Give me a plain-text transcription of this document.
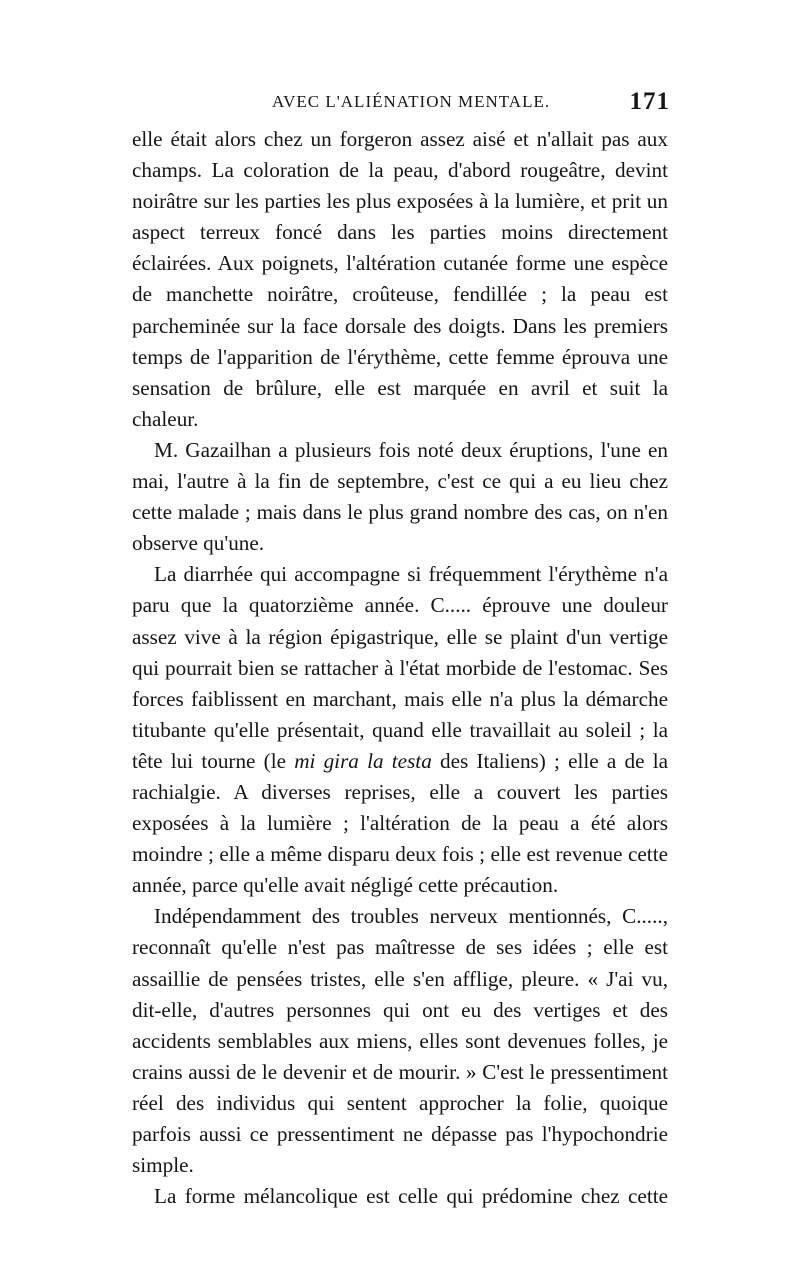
AVEC L'ALIÉNATION MENTALE.	171

elle était alors chez un forgeron assez aisé et n'allait pas aux champs. La coloration de la peau, d'abord rougeâtre, devint noirâtre sur les parties les plus exposées à la lumière, et prit un aspect terreux foncé dans les parties moins directement éclairées. Aux poignets, l'altération cutanée forme une espèce de manchette noirâtre, croûteuse, fendillée ; la peau est parcheminée sur la face dorsale des doigts. Dans les premiers temps de l'apparition de l'érythème, cette femme éprouva une sensation de brûlure, elle est marquée en avril et suit la chaleur.

M. Gazailhan a plusieurs fois noté deux éruptions, l'une en mai, l'autre à la fin de septembre, c'est ce qui a eu lieu chez cette malade ; mais dans le plus grand nombre des cas, on n'en observe qu'une.

La diarrhée qui accompagne si fréquemment l'érythème n'a paru que la quatorzième année. C..... éprouve une douleur assez vive à la région épigastrique, elle se plaint d'un vertige qui pourrait bien se rattacher à l'état morbide de l'estomac. Ses forces faiblissent en marchant, mais elle n'a plus la démarche titubante qu'elle présentait, quand elle travaillait au soleil ; la tête lui tourne (le mi gira la testa des Italiens) ; elle a de la rachialgie. A diverses reprises, elle a couvert les parties exposées à la lumière ; l'altération de la peau a été alors moindre ; elle a même disparu deux fois ; elle est revenue cette année, parce qu'elle avait négligé cette précaution.

Indépendamment des troubles nerveux mentionnés, C....., reconnaît qu'elle n'est pas maîtresse de ses idées ; elle est assaillie de pensées tristes, elle s'en afflige, pleure. « J'ai vu, dit-elle, d'autres personnes qui ont eu des vertiges et des accidents semblables aux miens, elles sont devenues folles, je crains aussi de le devenir et de mourir. » C'est le pressentiment réel des individus qui sentent approcher la folie, quoique parfois aussi ce pressentiment ne dépasse pas l'hypochondrie simple.

La forme mélancolique est celle qui prédomine chez cette
